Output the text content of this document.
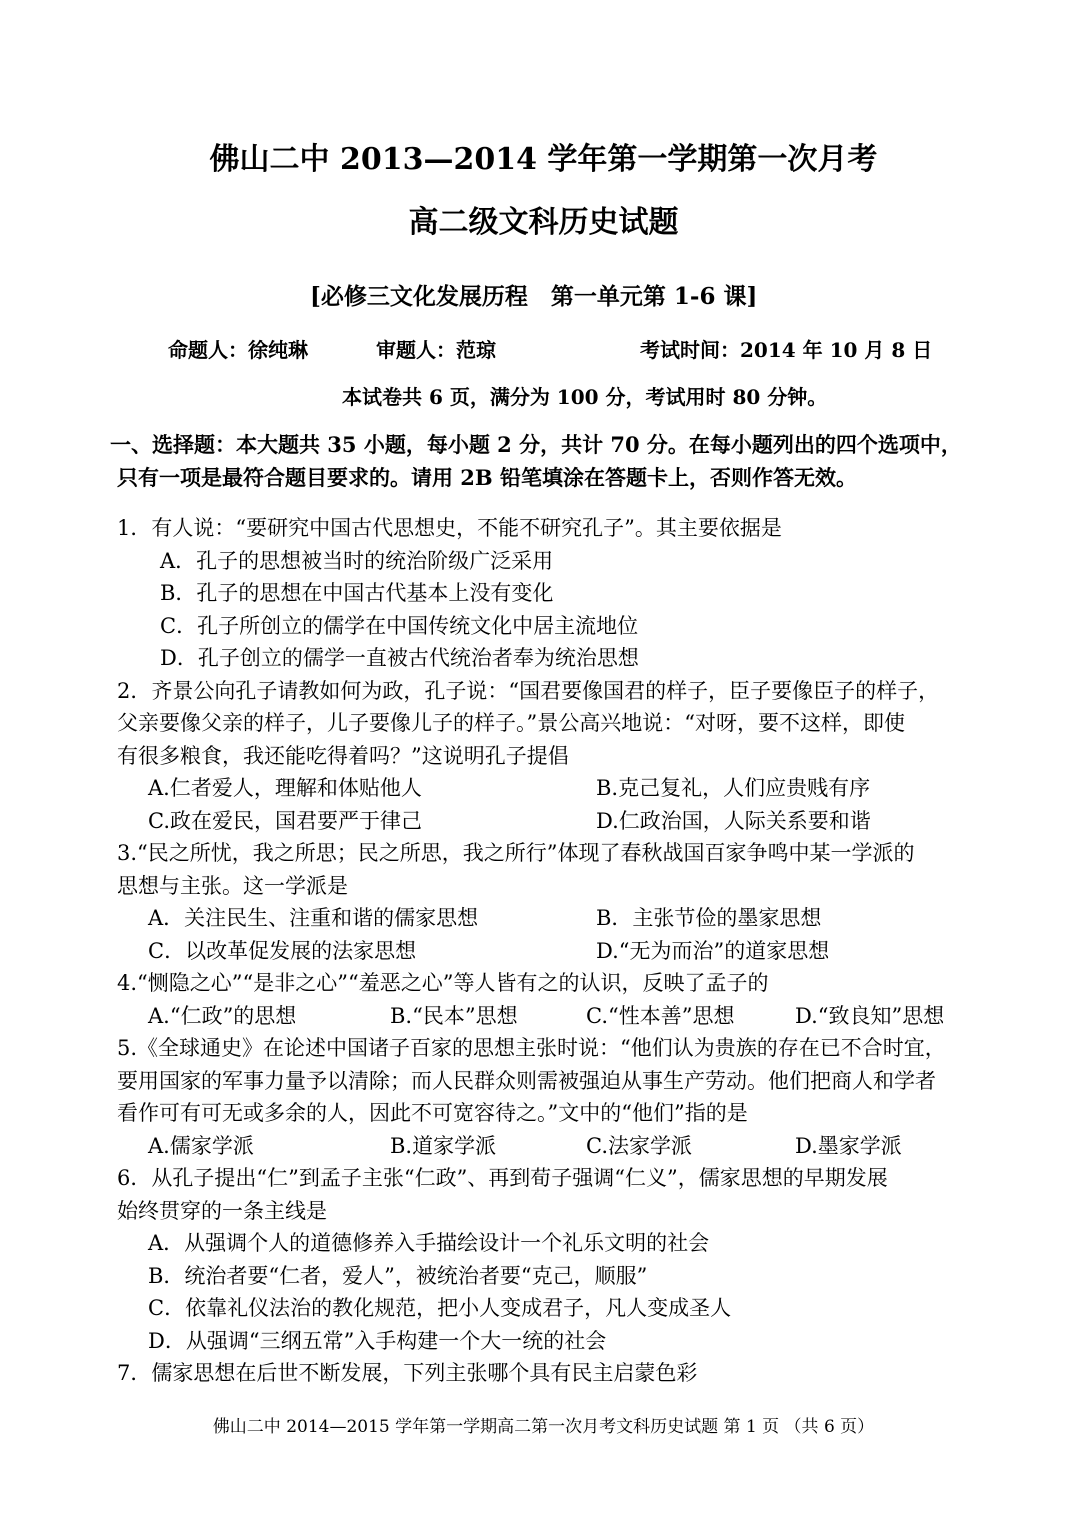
佛山二中 2013—2014 学年第一学期第一次月考
高二级文科历史试题
[必修三文化发展历程　第一单元第 1-6 课]
命题人：徐纯琳	审题人：范琼	考试时间：2014 年 10 月 8 日
本试卷共 6 页，满分为 100 分，考试用时 80 分钟。
一、选择题：本大题共 35 小题，每小题 2 分，共计 70 分。在每小题列出的四个选项中，
只有一项是最符合题目要求的。请用 2B 铅笔填涂在答题卡上，否则作答无效。
1．有人说：“要研究中国古代思想史，不能不研究孔子”。其主要依据是
A．孔子的思想被当时的统治阶级广泛采用
B．孔子的思想在中国古代基本上没有变化
C．孔子所创立的儒学在中国传统文化中居主流地位
D．孔子创立的儒学一直被古代统治者奉为统治思想
2．齐景公向孔子请教如何为政，孔子说：“国君要像国君的样子，臣子要像臣子的样子，
父亲要像父亲的样子，儿子要像儿子的样子。”景公高兴地说：“对呀，要不这样，即使
有很多粮食，我还能吃得着吗？”这说明孔子提倡
A.仁者爱人，理解和体贴他人	B.克己复礼，人们应贵贱有序
C.政在爱民，国君要严于律己	D.仁政治国，人际关系要和谐
3.“民之所忧，我之所思；民之所思，我之所行”体现了春秋战国百家争鸣中某一学派的
思想与主张。这一学派是
A．关注民生、注重和谐的儒家思想	B．主张节俭的墨家思想
C．以改革促发展的法家思想	D.“无为而治”的道家思想
4.“恻隐之心”“是非之心”“羞恶之心”等人皆有之的认识，反映了孟子的
A.“仁政”的思想	B.“民本”思想	C.“性本善”思想	D.“致良知”思想
5.《全球通史》在论述中国诸子百家的思想主张时说：“他们认为贵族的存在已不合时宜，
要用国家的军事力量予以清除；而人民群众则需被强迫从事生产劳动。他们把商人和学者
看作可有可无或多余的人，因此不可宽容待之。”文中的“他们”指的是
A.儒家学派	B.道家学派	C.法家学派	D.墨家学派
6．从孔子提出“仁”到孟子主张“仁政”、再到荀子强调“仁义”，儒家思想的早期发展
始终贯穿的一条主线是
A．从强调个人的道德修养入手描绘设计一个礼乐文明的社会
B．统治者要“仁者，爱人”，被统治者要“克己，顺服”
C．依靠礼仪法治的教化规范，把小人变成君子，凡人变成圣人
D．从强调“三纲五常”入手构建一个大一统的社会
7．儒家思想在后世不断发展，下列主张哪个具有民主启蒙色彩
佛山二中 2014—2015 学年第一学期高二第一次月考文科历史试题 第 1 页 （共 6 页）
